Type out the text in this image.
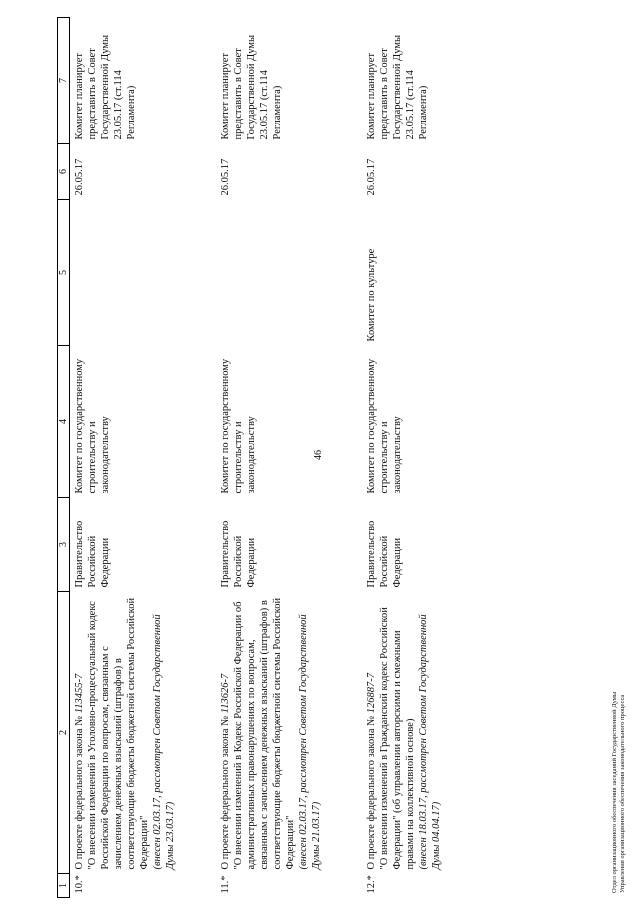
46
1	2	3	4	5	6	7
10.*	О проекте федерального закона № 113455-7 "О внесении изменений в Уголовно-процессуальный кодекс Российской Федерации по вопросам, связанным с зачислением денежных взысканий (штрафов) в соответствующие бюджеты бюджетной системы Российской Федерации" (внесен 02.03.17, рассмотрен Советом Государственной Думы 23.03.17)	Правительство Российской Федерации	Комитет по государственному строительству и законодательству		26.05.17	Комитет планирует представить в Совет Государственной Думы 23.05.17 (ст.114 Регламента)
11.*	О проекте федерального закона № 113626-7 "О внесении изменений в Кодекс Российской Федерации об административных правонарушениях по вопросам, связанным с зачислением денежных взысканий (штрафов) в соответствующие бюджеты бюджетной системы Российской Федерации" (внесен 02.03.17, рассмотрен Советом Государственной Думы 21.03.17)	Правительство Российской Федерации	Комитет по государственному строительству и законодательству		26.05.17	Комитет планирует представить в Совет Государственной Думы 23.05.17 (ст.114 Регламента)
12.*	О проекте федерального закона № 126887-7 "О внесении изменений в Гражданский кодекс Российской Федерации" (об управлении авторскими и смежными правами на коллективной основе) (внесен 18.03.17, рассмотрен Советом Государственной Думы 04.04.17)	Правительство Российской Федерации	Комитет по государственному строительству и законодательству	Комитет по культуре	26.05.17	Комитет планирует представить в Совет Государственной Думы 23.05.17 (ст.114 Регламента)
Отдел организационного обеспечения заседаний Государственной Думы Управления организационного обеспечения законодательного процесса
